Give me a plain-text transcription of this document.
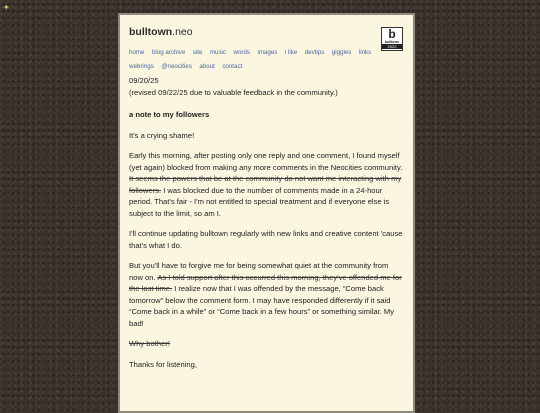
✦
bulltown.neo
home blog archive site music words images i like devtips giggles links webrings @neocities about contact
b
bulltown
2022

09/20/25
(revised 09/22/25 due to valuable feedback in the community.)

a note to my followers

It's a crying shame!

Early this morning, after posting only one reply and one comment, I found myself (yet again) blocked from making any more comments in the Neocities community. It seems the powers that be at the community do not want me interacting with my followers. I was blocked due to the number of comments made in a 24-hour period. That's fair - I'm not entitled to special treatment and if everyone else is subject to the limit, so am I.

I'll continue updating bulltown regularly with new links and creative content 'cause that's what I do.

But you'll have to forgive me for being somewhat quiet at the community from now on. As I told support after this occurred this morning, they've offended me for the last time. I realize now that I was offended by the message, “Come back tomorrow” below the comment form. I may have responded differently if it said “Come back in a while” or “Come back in a few hours” or something similar. My bad!

Why bother!

Thanks for listening,
